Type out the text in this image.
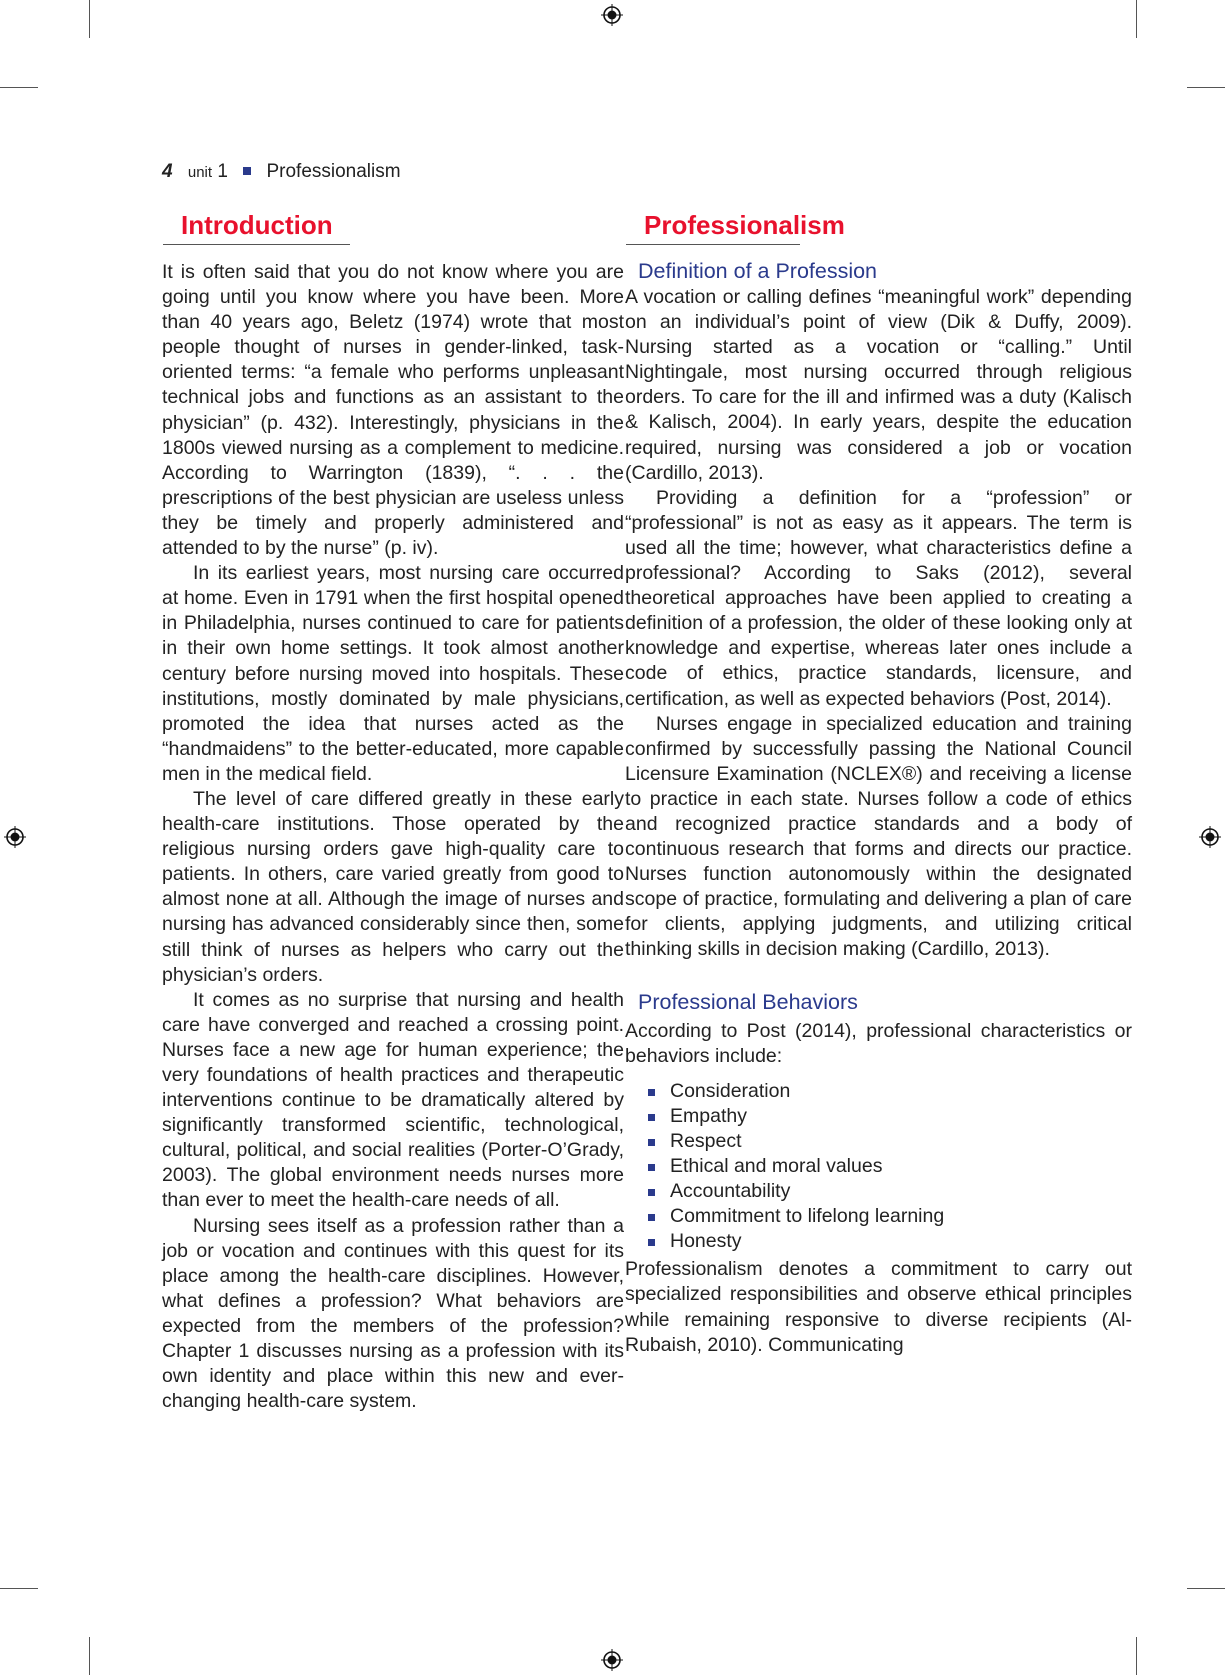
4 unit 1 Professionalism
Introduction	Professionalism

It is often said that you do not know where you are going until you know where you have been. More than 40 years ago, Beletz (1974) wrote that most people thought of nurses in gender-linked, task-oriented terms: “a female who performs unpleasant technical jobs and functions as an assistant to the physician” (p. 432). Interestingly, physicians in the 1800s viewed nursing as a complement to medicine. According to Warrington (1839), “. . . the prescriptions of the best physician are useless unless they be timely and properly administered and attended to by the nurse” (p. iv).

In its earliest years, most nursing care occurred at home. Even in 1791 when the first hospital opened in Philadelphia, nurses continued to care for patients in their own home settings. It took almost another century before nursing moved into hospitals. These institutions, mostly dominated by male physicians, promoted the idea that nurses acted as the “handmaidens” to the better-educated, more capable men in the medical field.

The level of care differed greatly in these early health-care institutions. Those operated by the religious nursing orders gave high-quality care to patients. In others, care varied greatly from good to almost none at all. Although the image of nurses and nursing has advanced considerably since then, some still think of nurses as helpers who carry out the physician’s orders.

It comes as no surprise that nursing and health care have converged and reached a crossing point. Nurses face a new age for human experience; the very foundations of health practices and therapeutic interventions continue to be dramatically altered by significantly transformed scientific, technological, cultural, political, and social realities (Porter-O’Grady, 2003). The global environment needs nurses more than ever to meet the health-care needs of all.

Nursing sees itself as a profession rather than a job or vocation and continues with this quest for its place among the health-care disciplines. However, what defines a profession? What behaviors are expected from the members of the profession? Chapter 1 discusses nursing as a profession with its own identity and place within this new and ever-changing health-care system.

Definition of a Profession

A vocation or calling defines “meaningful work” depending on an individual’s point of view (Dik & Duffy, 2009). Nursing started as a vocation or “calling.” Until Nightingale, most nursing occurred through religious orders. To care for the ill and infirmed was a duty (Kalisch & Kalisch, 2004). In early years, despite the education required, nursing was considered a job or vocation (Cardillo, 2013).

Providing a definition for a “profession” or “professional” is not as easy as it appears. The term is used all the time; however, what characteristics define a professional? According to Saks (2012), several theoretical approaches have been applied to creating a definition of a profession, the older of these looking only at knowledge and expertise, whereas later ones include a code of ethics, practice standards, licensure, and certification, as well as expected behaviors (Post, 2014).

Nurses engage in specialized education and training confirmed by successfully passing the National Council Licensure Examination (NCLEX®) and receiving a license to practice in each state. Nurses follow a code of ethics and recognized practice standards and a body of continuous research that forms and directs our practice. Nurses function autonomously within the designated scope of practice, formulating and delivering a plan of care for clients, applying judgments, and utilizing critical thinking skills in decision making (Cardillo, 2013).

Professional Behaviors

According to Post (2014), professional characteristics or behaviors include:

Consideration
Empathy
Respect
Ethical and moral values
Accountability
Commitment to lifelong learning
Honesty

Professionalism denotes a commitment to carry out specialized responsibilities and observe ethical principles while remaining responsive to diverse recipients (Al-Rubaish, 2010). Communicating
